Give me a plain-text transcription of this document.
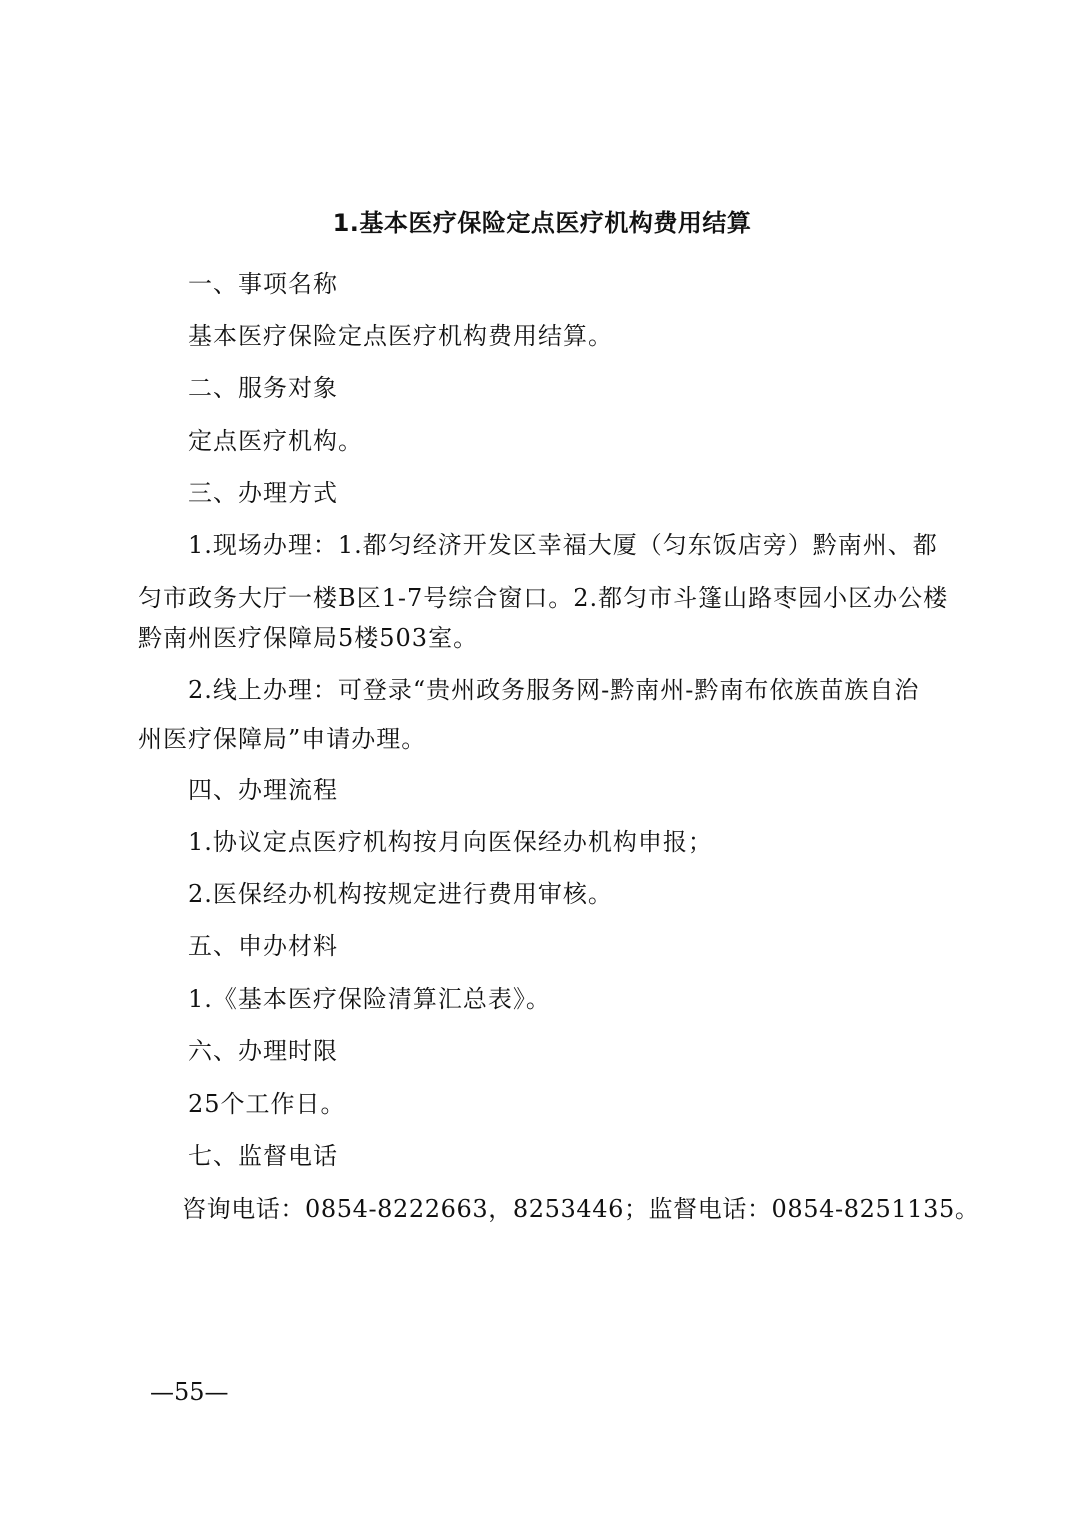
1.基本医疗保险定点医疗机构费用结算
一、事项名称
基本医疗保险定点医疗机构费用结算。
二、服务对象
定点医疗机构。
三、办理方式
1.现场办理：1.都匀经济开发区幸福大厦（匀东饭店旁）黔南州、都
匀市政务大厅一楼B区1-7号综合窗口。2.都匀市斗篷山路枣园小区办公楼
黔南州医疗保障局5楼503室。
2.线上办理：可登录“贵州政务服务网-黔南州-黔南布依族苗族自治
州医疗保障局”申请办理。
四、办理流程
1.协议定点医疗机构按月向医保经办机构申报；
2.医保经办机构按规定进行费用审核。
五、申办材料
1.《基本医疗保险清算汇总表》。
六、办理时限
25个工作日。
七、监督电话
咨询电话：0854-8222663，8253446；监督电话：0854-8251135。
—55—
